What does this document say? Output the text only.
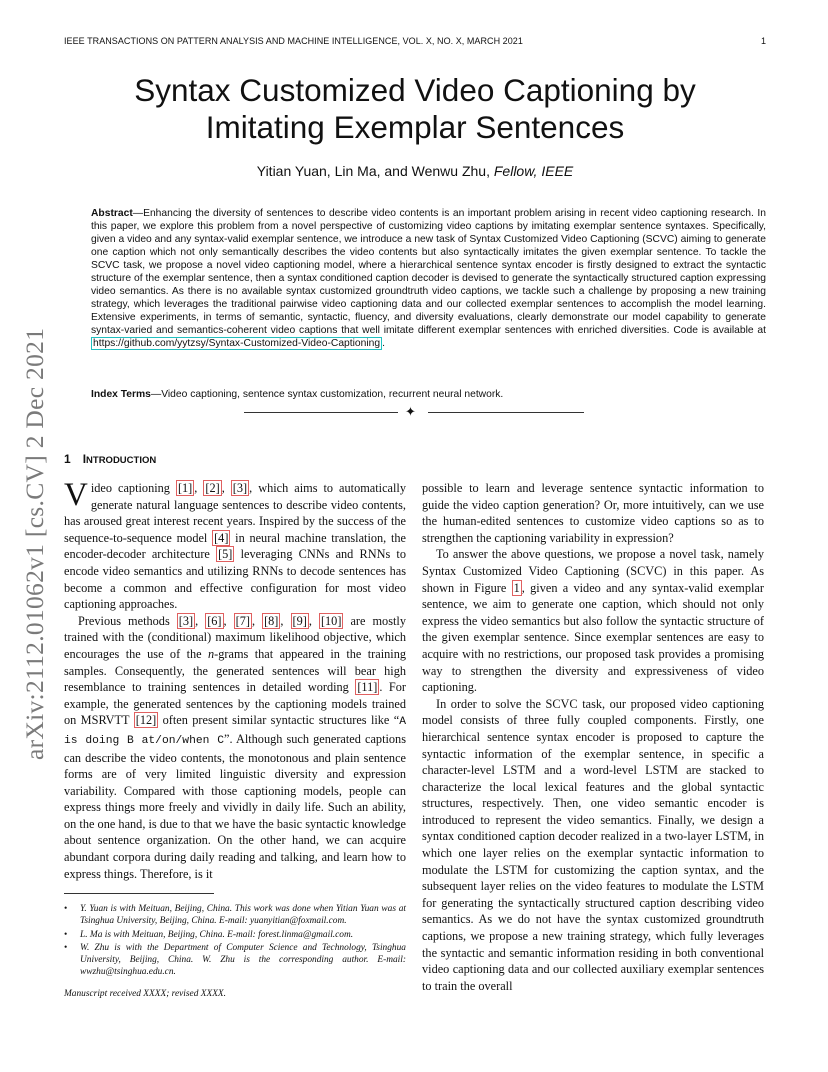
IEEE TRANSACTIONS ON PATTERN ANALYSIS AND MACHINE INTELLIGENCE, VOL. X, NO. X, MARCH 2021	1
arXiv:2112.01062v1 [cs.CV] 2 Dec 2021
Syntax Customized Video Captioning by
Imitating Exemplar Sentences
Yitian Yuan, Lin Ma, and Wenwu Zhu, Fellow, IEEE
Abstract—Enhancing the diversity of sentences to describe video contents is an important problem arising in recent video captioning research. In this paper, we explore this problem from a novel perspective of customizing video captions by imitating exemplar sentence syntaxes. Specifically, given a video and any syntax-valid exemplar sentence, we introduce a new task of Syntax Customized Video Captioning (SCVC) aiming to generate one caption which not only semantically describes the video contents but also syntactically imitates the given exemplar sentence. To tackle the SCVC task, we propose a novel video captioning model, where a hierarchical sentence syntax encoder is firstly designed to extract the syntactic structure of the exemplar sentence, then a syntax conditioned caption decoder is devised to generate the syntactically structured caption expressing video semantics. As there is no available syntax customized groundtruth video captions, we tackle such a challenge by proposing a new training strategy, which leverages the traditional pairwise video captioning data and our collected exemplar sentences to accomplish the model learning. Extensive experiments, in terms of semantic, syntactic, fluency, and diversity evaluations, clearly demonstrate our model capability to generate syntax-varied and semantics-coherent video captions that well imitate different exemplar sentences with enriched diversities. Code is available at https://github.com/yytzsy/Syntax-Customized-Video-Captioning .
Index Terms—Video captioning, sentence syntax customization, recurrent neural network.
✦
1 INTRODUCTION

Video captioning [1] , [2] , [3] , which aims to automatically generate natural language sentences to describe video contents, has aroused great interest recent years. Inspired by the success of the sequence-to-sequence model [4] in neural machine translation, the encoder-decoder architecture [5] leveraging CNNs and RNNs to encode video semantics and utilizing RNNs to decode sentences has become a common and effective configuration for most video captioning approaches.

Previous methods [3] , [6] , [7] , [8] , [9] , [10] are mostly trained with the (conditional) maximum likelihood objective, which encourages the use of the n-grams that appeared in the training samples. Consequently, the generated sentences will bear high resemblance to training sentences in detailed wording [11] . For example, the generated sentences by the captioning models trained on MSRVTT [12] often present similar syntactic structures like “A is doing B at/on/when C”. Although such generated captions can describe the video contents, the monotonous and plain sentence forms are of very limited linguistic diversity and expression variability. Compared with those captioning models, people can express things more freely and vividly in daily life. Such an ability, on the one hand, is due to that we have the basic syntactic knowledge about sentence organization. On the other hand, we can acquire abundant corpora during daily reading and talking, and learn how to express things. Therefore, is it

• Y. Yuan is with Meituan, Beijing, China. This work was done when Yitian Yuan was at Tsinghua University, Beijing, China. E-mail: yuanyitian@foxmail.com.
• L. Ma is with Meituan, Beijing, China. E-mail: forest.linma@gmail.com.
• W. Zhu is with the Department of Computer Science and Technology, Tsinghua University, Beijing, China. W. Zhu is the corresponding author. E-mail: wwzhu@tsinghua.edu.cn.
Manuscript received XXXX; revised XXXX.

possible to learn and leverage sentence syntactic information to guide the video caption generation? Or, more intuitively, can we use the human-edited sentences to customize video captions so as to strengthen the captioning variability in expression?

To answer the above questions, we propose a novel task, namely Syntax Customized Video Captioning (SCVC) in this paper. As shown in Figure 1 , given a video and any syntax-valid exemplar sentence, we aim to generate one caption, which should not only express the video semantics but also follow the syntactic structure of the given exemplar sentence. Since exemplar sentences are easy to acquire with no restrictions, our proposed task provides a promising way to strengthen the diversity and expressiveness of video captioning.

In order to solve the SCVC task, our proposed video captioning model consists of three fully coupled components. Firstly, one hierarchical sentence syntax encoder is proposed to capture the syntactic information of the exemplar sentence, in specific a character-level LSTM and a word-level LSTM are stacked to characterize the local lexical features and the global syntactic structures, respectively. Then, one video semantic encoder is introduced to represent the video semantics. Finally, we design a syntax conditioned caption decoder realized in a two-layer LSTM, in which one layer relies on the exemplar syntactic information to modulate the LSTM for customizing the caption syntax, and the subsequent layer relies on the video features to modulate the LSTM for generating the syntactically structured caption describing video semantics. As we do not have the syntax customized groundtruth captions, we propose a new training strategy, which fully leverages the syntactic and semantic information residing in both conventional video captioning data and our collected auxiliary exemplar sentences to train the overall
